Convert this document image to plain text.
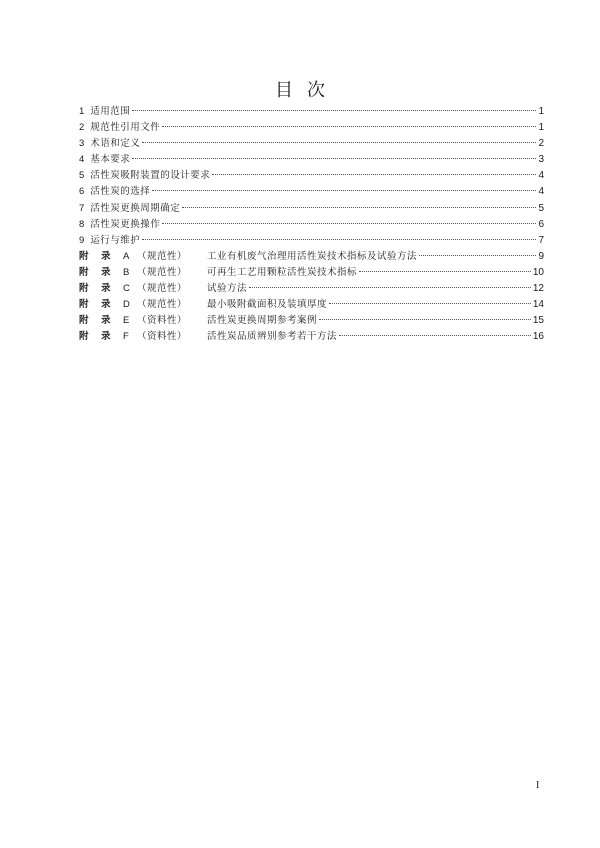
目次
1 适用范围	1
2 规范性引用文件	1
3 术语和定义	2
4 基本要求	3
5 活性炭吸附装置的设计要求	4
6 活性炭的选择	4
7 活性炭更换周期确定	5
8 活性炭更换操作	6
9 运行与维护	7
附	录	A （规范性）	工业有机废气治理用活性炭技术指标及试验方法	9
附	录	B （规范性）	可再生工艺用颗粒活性炭技术指标	10
附	录	C （规范性）	试验方法	12
附	录	D （规范性）	最小吸附截面积及装填厚度	14
附	录	E （资料性）	活性炭更换周期参考案例	15
附	录	F （资料性）	活性炭品质辨别参考若干方法	16
I
